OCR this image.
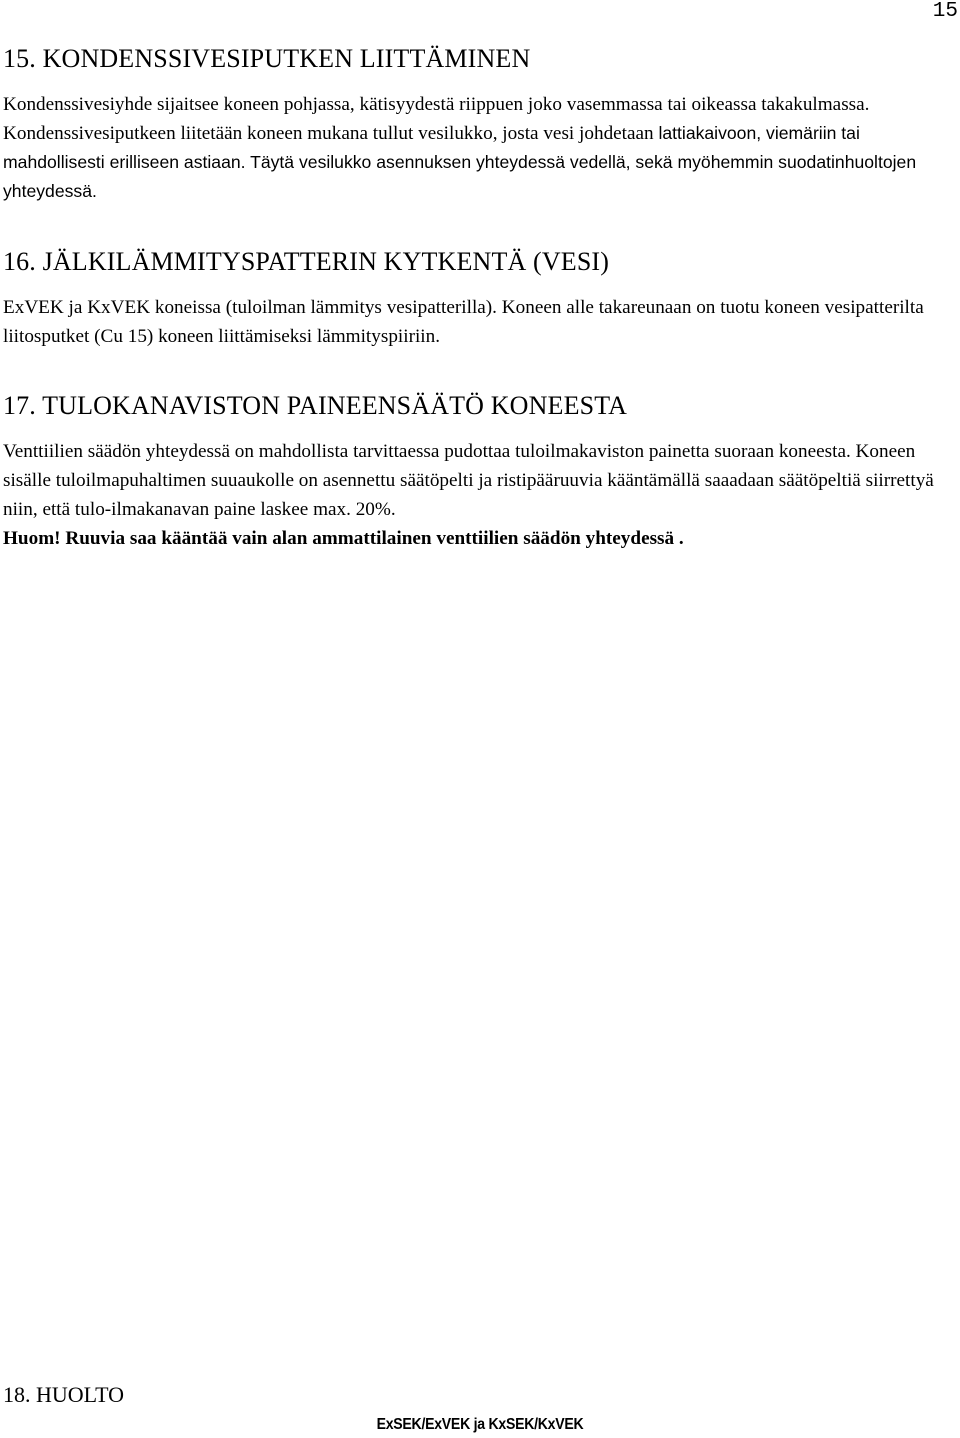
15
15. KONDENSSIVESIPUTKEN LIITTÄMINEN

Kondenssivesiyhde sijaitsee koneen pohjassa, kätisyydestä riippuen joko vasemmassa tai oikeassa takakulmassa. Kondenssivesiputkeen liitetään koneen mukana tullut vesilukko, josta vesi johdetaan lattiakaivoon, viemäriin tai mahdollisesti erilliseen astiaan. Täytä vesilukko asennuksen yhteydessä vedellä, sekä myöhemmin suodatinhuoltojen yhteydessä.

16. JÄLKILÄMMITYSPATTERIN KYTKENTÄ (VESI)

ExVEK ja KxVEK koneissa (tuloilman lämmitys vesipatterilla). Koneen alle takareunaan on tuotu koneen vesipatterilta liitosputket (Cu 15) koneen liittämiseksi lämmityspiiriin.

17. TULOKANAVISTON PAINEENSÄÄTÖ KONEESTA

Venttiilien säädön yhteydessä on mahdollista tarvittaessa pudottaa tuloilmakaviston painetta suoraan koneesta. Koneen sisälle tuloilmapuhaltimen suuaukolle on asennettu säätöpelti ja ristipääruuvia kääntämällä saaadaan säätöpeltiä siirrettyä niin, että tulo-ilmakanavan paine laskee max. 20%.
Huom! Ruuvia saa kääntää vain alan ammattilainen venttiilien säädön yhteydessä .

18. HUOLTO
ExSEK/ExVEK ja KxSEK/KxVEK
